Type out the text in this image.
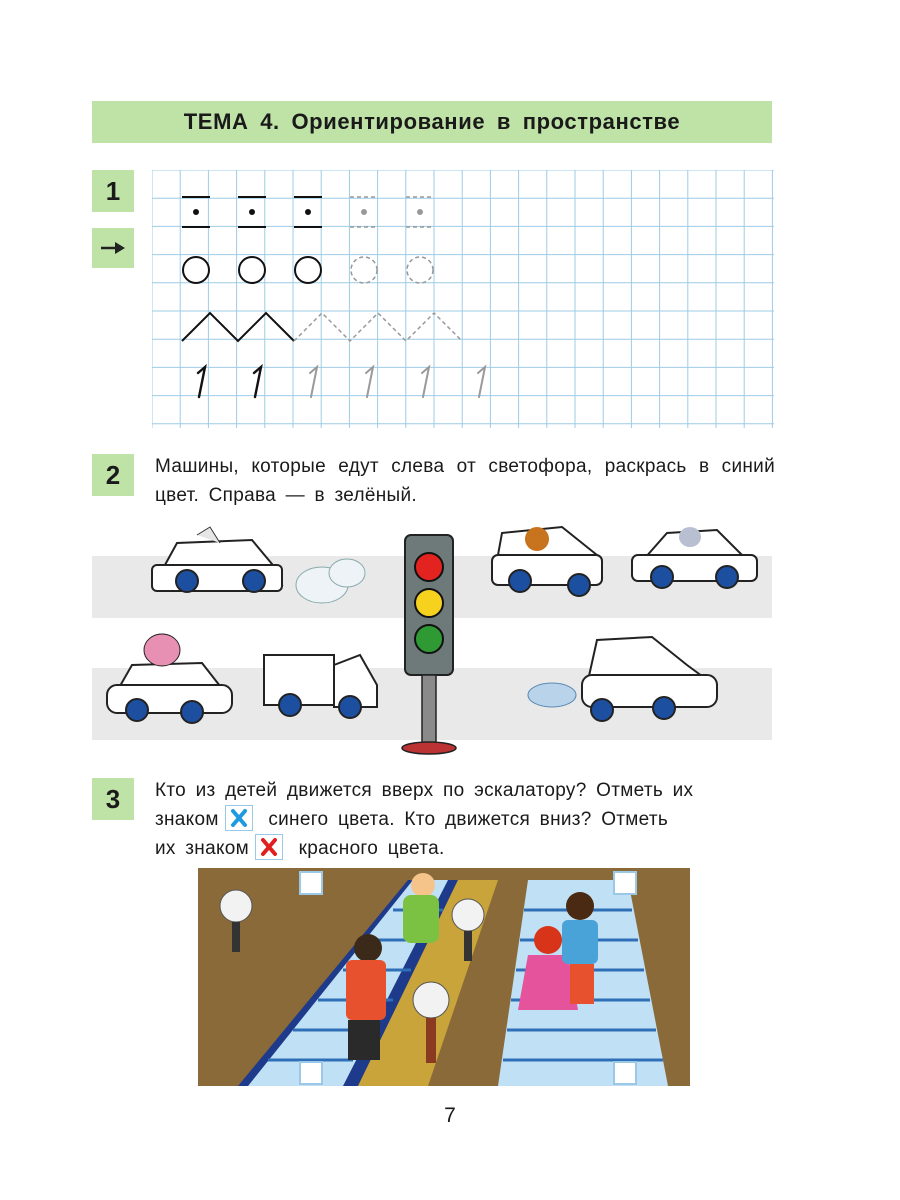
ТЕМА 4. Ориентирование в пространстве
1
2	Машины, которые едут слева от светофора, раскрась в синий цвет. Справа — в зелёный.
3	Кто из детей движется вверх по эскалатору? Отметь их
знаком	синего цвета. Кто движется вниз? Отметь
их знаком	красного цвета.
7
